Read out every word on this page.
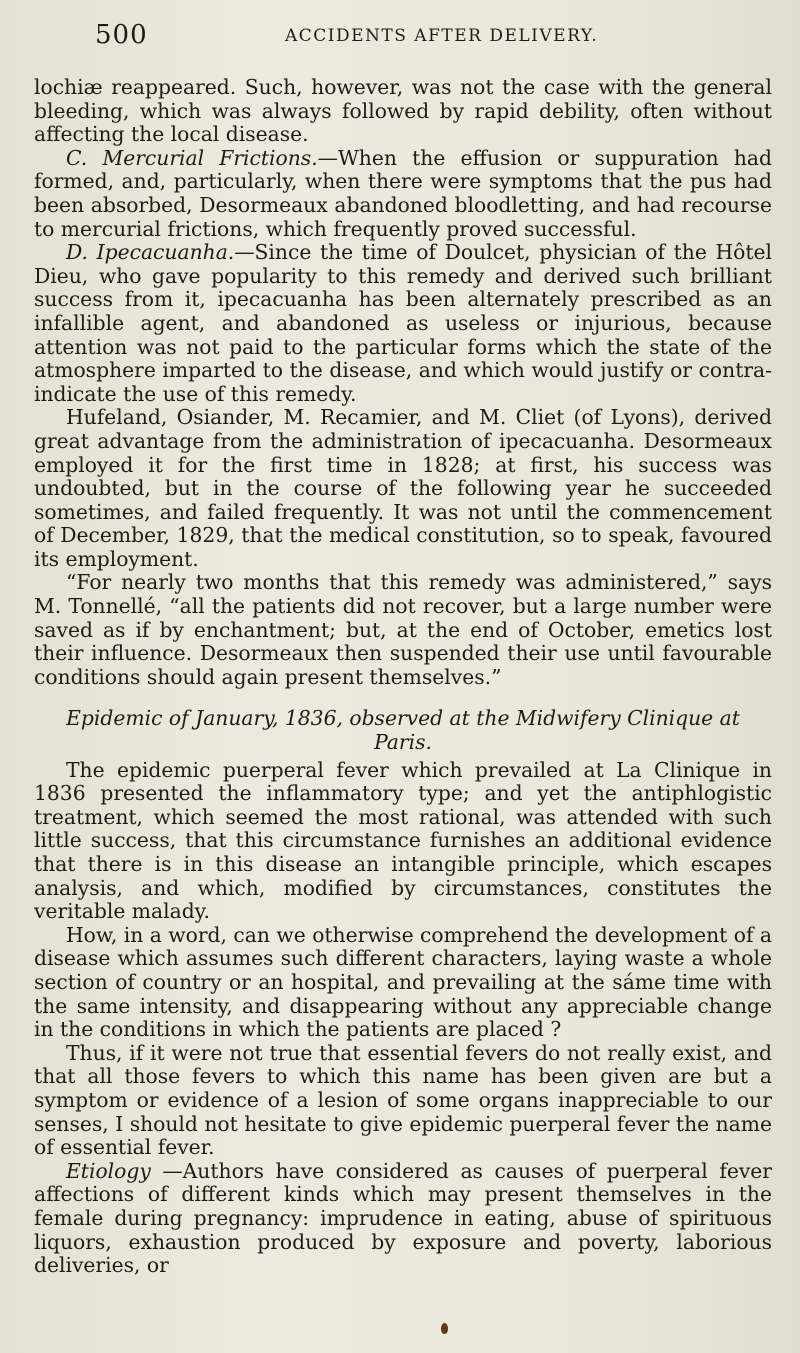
500	ACCIDENTS AFTER DELIVERY.

lochiæ reappeared. Such, however, was not the case with the general bleeding, which was always followed by rapid debility, often without affecting the local disease.

C. Mercurial Frictions.—When the effusion or suppuration had formed, and, particularly, when there were symptoms that the pus had been absorbed, Desormeaux abandoned bloodletting, and had recourse to mercurial frictions, which frequently proved successful.

D. Ipecacuanha.—Since the time of Doulcet, physician of the Hôtel Dieu, who gave popularity to this remedy and derived such brilliant success from it, ipecacuanha has been alternately prescribed as an infallible agent, and abandoned as useless or injurious, because attention was not paid to the particular forms which the state of the atmosphere imparted to the disease, and which would justify or contra-indicate the use of this remedy.

Hufeland, Osiander, M. Recamier, and M. Cliet (of Lyons), derived great advantage from the administration of ipecacuanha. Desormeaux employed it for the first time in 1828; at first, his success was undoubted, but in the course of the following year he succeeded sometimes, and failed frequently. It was not until the commencement of December, 1829, that the medical constitution, so to speak, favoured its employment.

“For nearly two months that this remedy was administered,” says M. Tonnellé, “all the patients did not recover, but a large number were saved as if by enchantment; but, at the end of October, emetics lost their influence. Desormeaux then suspended their use until favourable conditions should again present themselves.”

Epidemic of January, 1836, observed at the Midwifery Clinique at Paris.

The epidemic puerperal fever which prevailed at La Clinique in 1836 presented the inflammatory type; and yet the antiphlogistic treatment, which seemed the most rational, was attended with such little success, that this circumstance furnishes an additional evidence that there is in this disease an intangible principle, which escapes analysis, and which, modified by circumstances, constitutes the veritable malady.

How, in a word, can we otherwise comprehend the development of a disease which assumes such different characters, laying waste a whole section of country or an hospital, and prevailing at the sáme time with the same intensity, and disappearing without any appreciable change in the conditions in which the patients are placed ?

Thus, if it were not true that essential fevers do not really exist, and that all those fevers to which this name has been given are but a symptom or evidence of a lesion of some organs inappreciable to our senses, I should not hesitate to give epidemic puerperal fever the name of essential fever.

Etiology —Authors have considered as causes of puerperal fever affections of different kinds which may present themselves in the female during pregnancy: imprudence in eating, abuse of spirituous liquors, exhaustion produced by exposure and poverty, laborious deliveries, or
